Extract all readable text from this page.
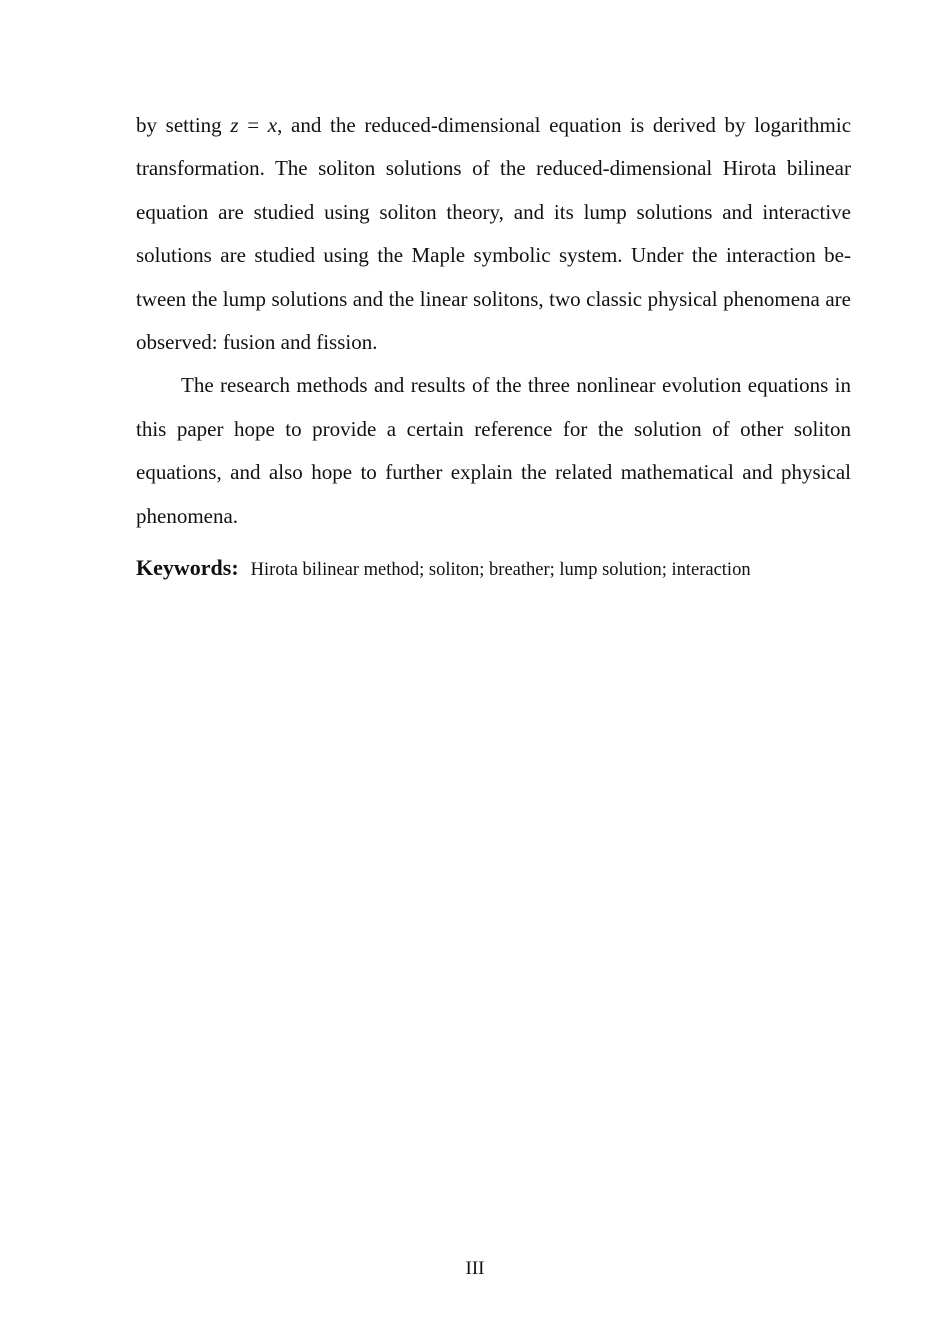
by setting z = x, and the reduced-dimensional equation is derived by logarithmic transformation. The soliton solutions of the reduced-dimensional Hirota bilinear equation are studied using soliton theory, and its lump solutions and interactive solutions are studied using the Maple symbolic system. Under the interaction between the lump solutions and the linear solitons, two classic physical phenomena are observed: fusion and fission.

The research methods and results of the three nonlinear evolution equations in this paper hope to provide a certain reference for the solution of other soliton equations, and also hope to further explain the related mathematical and physical phenomena.

Keywords: Hirota bilinear method; soliton; breather; lump solution; interaction
III
